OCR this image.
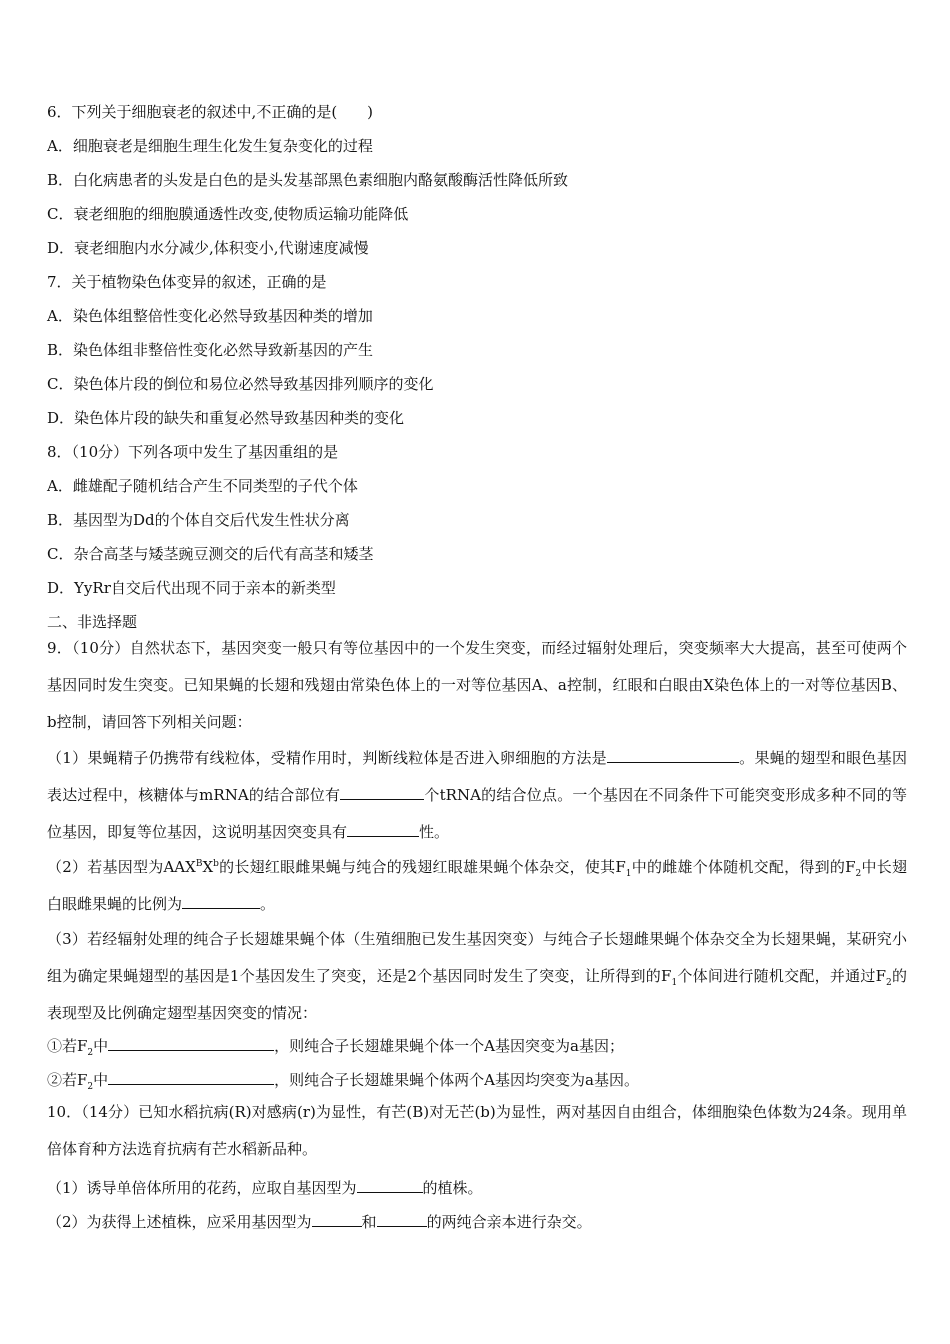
6．下列关于细胞衰老的叙述中,不正确的是(　　)
A．细胞衰老是细胞生理生化发生复杂变化的过程
B．白化病患者的头发是白色的是头发基部黑色素细胞内酪氨酸酶活性降低所致
C．衰老细胞的细胞膜通透性改变,使物质运输功能降低
D．衰老细胞内水分减少,体积变小,代谢速度减慢
7．关于植物染色体变异的叙述，正确的是
A．染色体组整倍性变化必然导致基因种类的增加
B．染色体组非整倍性变化必然导致新基因的产生
C．染色体片段的倒位和易位必然导致基因排列顺序的变化
D．染色体片段的缺失和重复必然导致基因种类的变化
8．（10分）下列各项中发生了基因重组的是
A．雌雄配子随机结合产生不同类型的子代个体
B．基因型为Dd的个体自交后代发生性状分离
C．杂合高茎与矮茎豌豆测交的后代有高茎和矮茎
D．YyRr自交后代出现不同于亲本的新类型
二、非选择题
9．（10分）自然状态下，基因突变一般只有等位基因中的一个发生突变，而经过辐射处理后，突变频率大大提高，甚至可使两个基因同时发生突变。已知果蝇的长翅和残翅由常染色体上的一对等位基因A、a控制，红眼和白眼由X染色体上的一对等位基因B、b控制，请回答下列相关问题：
（1）果蝇精子仍携带有线粒体，受精作用时，判断线粒体是否进入卵细胞的方法是	。果蝇的翅型和眼色基因表达过程中，核糖体与mRNA的结合部位有	个tRNA的结合位点。一个基因在不同条件下可能突变形成多种不同的等位基因，即复等位基因，这说明基因突变具有	性。
（2）若基因型为$AAX^BX^b$的长翅红眼雌果蝇与纯合的残翅红眼雄果蝇个体杂交，使其$F_1$中的雌雄个体随机交配，得到的$F_2$中长翅白眼雌果蝇的比例为	。
（3）若经辐射处理的纯合子长翅雄果蝇个体（生殖细胞已发生基因突变）与纯合子长翅雌果蝇个体杂交全为长翅果蝇，某研究小组为确定果蝇翅型的基因是1个基因发生了突变，还是2个基因同时发生了突变，让所得到的$F_1$个体间进行随机交配，并通过$F_2$的表现型及比例确定翅型基因突变的情况：
①若$F_2$中	，则纯合子长翅雄果蝇个体一个A基因突变为a基因；
②若$F_2$中	，则纯合子长翅雄果蝇个体两个A基因均突变为a基因。
10．（14分）已知水稻抗病(R)对感病(r)为显性，有芒(B)对无芒(b)为显性，两对基因自由组合，体细胞染色体数为24条。现用单倍体育种方法选育抗病有芒水稻新品种。
（1）诱导单倍体所用的花药，应取自基因型为	的植株。
（2）为获得上述植株，应采用基因型为	和	的两纯合亲本进行杂交。
